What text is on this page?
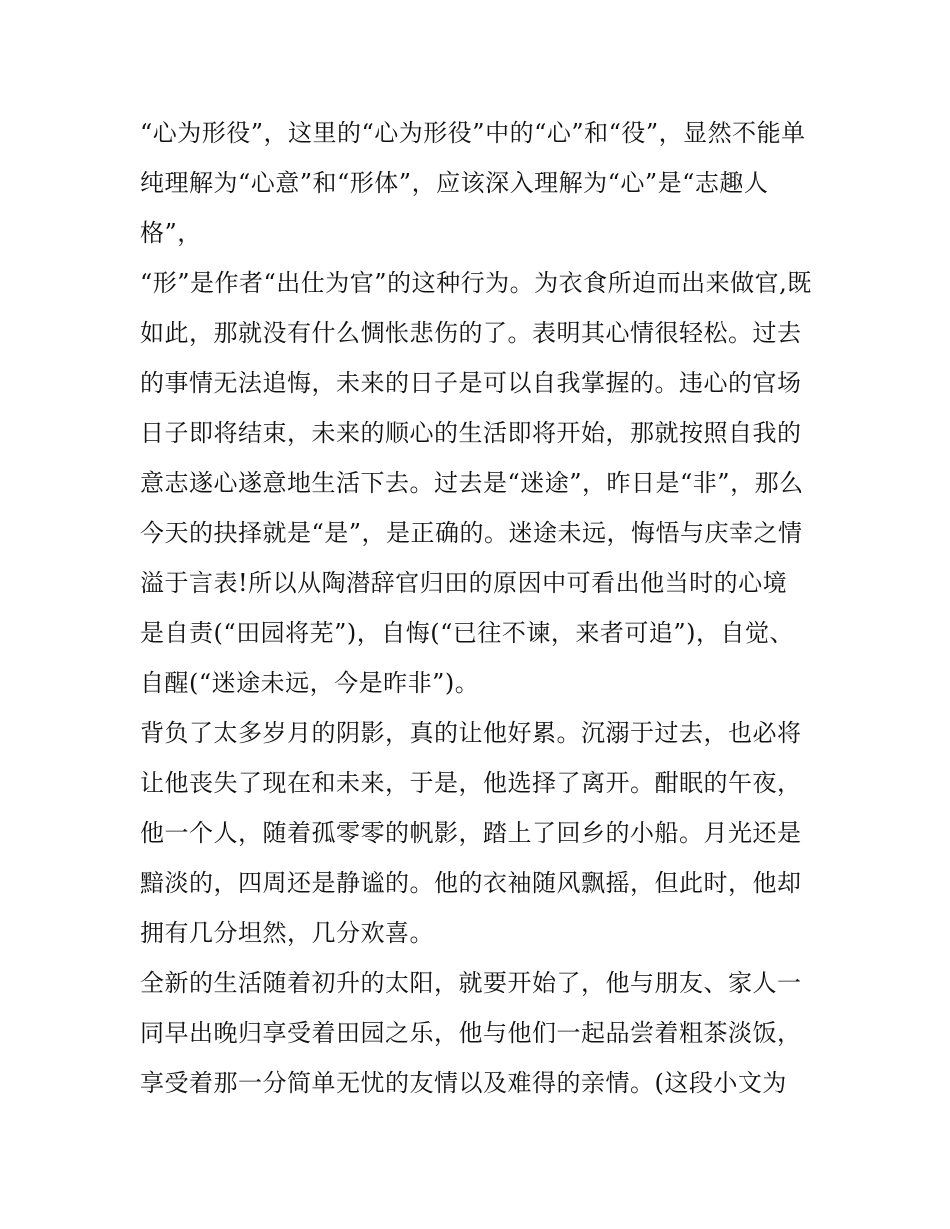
“心为形役”，这里的“心为形役”中的“心”和“役”，显然不能单
纯理解为“心意”和“形体”，应该深入理解为“心”是“志趣人
格”，
“形”是作者“出仕为官”的这种行为。为衣食所迫而出来做官,既
如此，那就没有什么惆怅悲伤的了。表明其心情很轻松。过去
的事情无法追悔，未来的日子是可以自我掌握的。违心的官场
日子即将结束，未来的顺心的生活即将开始，那就按照自我的
意志遂心遂意地生活下去。过去是“迷途”，昨日是“非”，那么
今天的抉择就是“是”，是正确的。迷途未远，悔悟与庆幸之情
溢于言表!所以从陶潜辞官归田的原因中可看出他当时的心境
是自责(“田园将芜”)，自悔(“已往不谏，来者可追”)，自觉、
自醒(“迷途未远，今是昨非”)。
背负了太多岁月的阴影，真的让他好累。沉溺于过去，也必将
让他丧失了现在和未来，于是，他选择了离开。酣眠的午夜，
他一个人，随着孤零零的帆影，踏上了回乡的小船。月光还是
黯淡的，四周还是静谧的。他的衣袖随风飘摇，但此时，他却
拥有几分坦然，几分欢喜。
全新的生活随着初升的太阳，就要开始了，他与朋友、家人一
同早出晚归享受着田园之乐，他与他们一起品尝着粗茶淡饭，
享受着那一分简单无忧的友情以及难得的亲情。(这段小文为
